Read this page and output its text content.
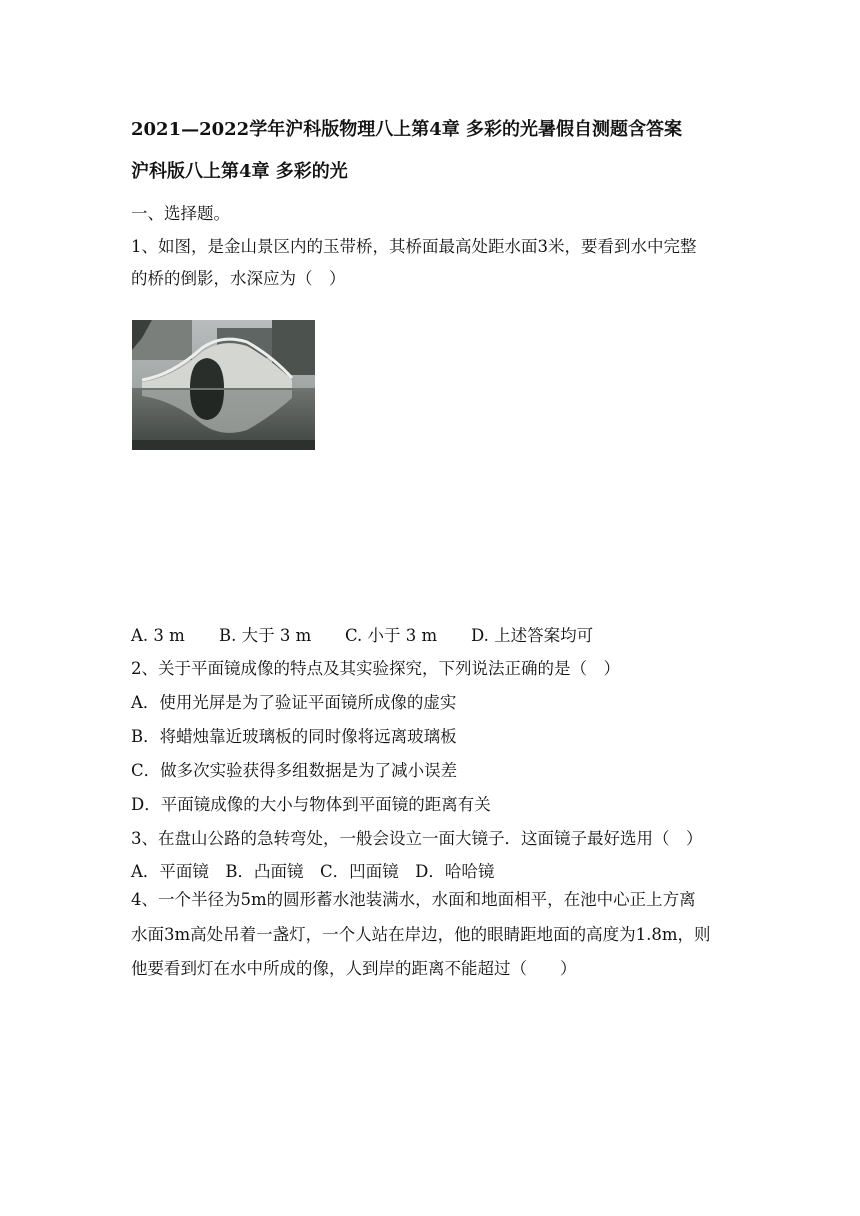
2021—2022学年沪科版物理八上第4章 多彩的光暑假自测题含答案
沪科版八上第4章 多彩的光
一、选择题。
1、如图，是金山景区内的玉带桥，其桥面最高处距水面3米，要看到水中完整
的桥的倒影，水深应为（　）
A. 3 m B. 大于 3 m C. 小于 3 m D. 上述答案均可
2、关于平面镜成像的特点及其实验探究，下列说法正确的是（　）
A．使用光屏是为了验证平面镜所成像的虚实
B．将蜡烛靠近玻璃板的同时像将远离玻璃板
C．做多次实验获得多组数据是为了减小误差
D．平面镜成像的大小与物体到平面镜的距离有关
3、在盘山公路的急转弯处，一般会设立一面大镜子．这面镜子最好选用（　）
A．平面镜　B．凸面镜　C．凹面镜　D．哈哈镜
4、一个半径为5m的圆形蓄水池装满水，水面和地面相平，在池中心正上方离
水面3m高处吊着一盏灯，一个人站在岸边，他的眼睛距地面的高度为1.8m，则
他要看到灯在水中所成的像，人到岸的距离不能超过（　　）
